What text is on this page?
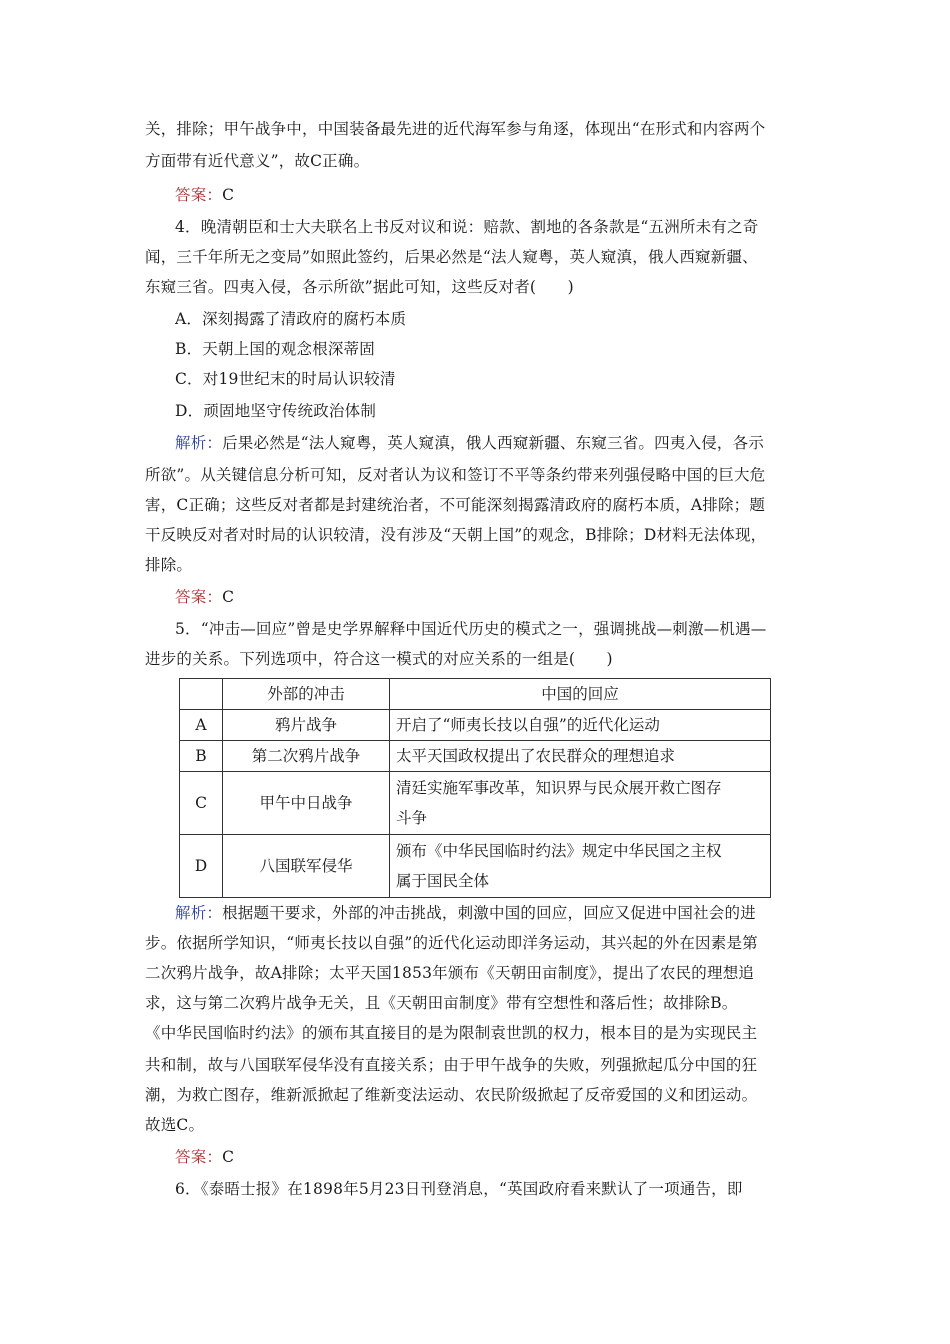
关，排除；甲午战争中，中国装备最先进的近代海军参与角逐，体现出“在形式和内容两个
方面带有近代意义”，故C正确。
答案：C
4．晚清朝臣和士大夫联名上书反对议和说：赔款、割地的各条款是“五洲所未有之奇
闻，三千年所无之变局”如照此签约，后果必然是“法人窥粤，英人窥滇，俄人西窥新疆、
东窥三省。四夷入侵，各示所欲”据此可知，这些反对者(　　)
A．深刻揭露了清政府的腐朽本质
B．天朝上国的观念根深蒂固
C．对19世纪末的时局认识较清
D．顽固地坚守传统政治体制
解析：后果必然是“法人窥粤，英人窥滇，俄人西窥新疆、东窥三省。四夷入侵，各示
所欲”。从关键信息分析可知，反对者认为议和签订不平等条约带来列强侵略中国的巨大危
害，C正确；这些反对者都是封建统治者，不可能深刻揭露清政府的腐朽本质，A排除；题
干反映反对者对时局的认识较清，没有涉及“天朝上国”的观念，B排除；D材料无法体现，
排除。
答案：C
5．“冲击—回应”曾是史学界解释中国近代历史的模式之一，强调挑战—刺激—机遇—
进步的关系。下列选项中，符合这一模式的对应关系的一组是(　　)
	外部的冲击	中国的回应
A	鸦片战争	开启了“师夷长技以自强”的近代化运动

B	第二次鸦片战争	太平天国政权提出了农民群众的理想追求

C	甲午中日战争	清廷实施军事改革，知识界与民众展开救亡图存
斗争

D	八国联军侵华	颁布《中华民国临时约法》规定中华民国之主权
属于国民全体
解析：根据题干要求，外部的冲击挑战，刺激中国的回应，回应又促进中国社会的进
步。依据所学知识，“师夷长技以自强”的近代化运动即洋务运动，其兴起的外在因素是第
二次鸦片战争，故A排除；太平天国1853年颁布《天朝田亩制度》，提出了农民的理想追
求，这与第二次鸦片战争无关，且《天朝田亩制度》带有空想性和落后性；故排除B。
《中华民国临时约法》的颁布其直接目的是为限制袁世凯的权力，根本目的是为实现民主
共和制，故与八国联军侵华没有直接关系；由于甲午战争的失败，列强掀起瓜分中国的狂
潮，为救亡图存，维新派掀起了维新变法运动、农民阶级掀起了反帝爱国的义和团运动。
故选C。
答案：C
6．《泰晤士报》在1898年5月23日刊登消息，“英国政府看来默认了一项通告，即
